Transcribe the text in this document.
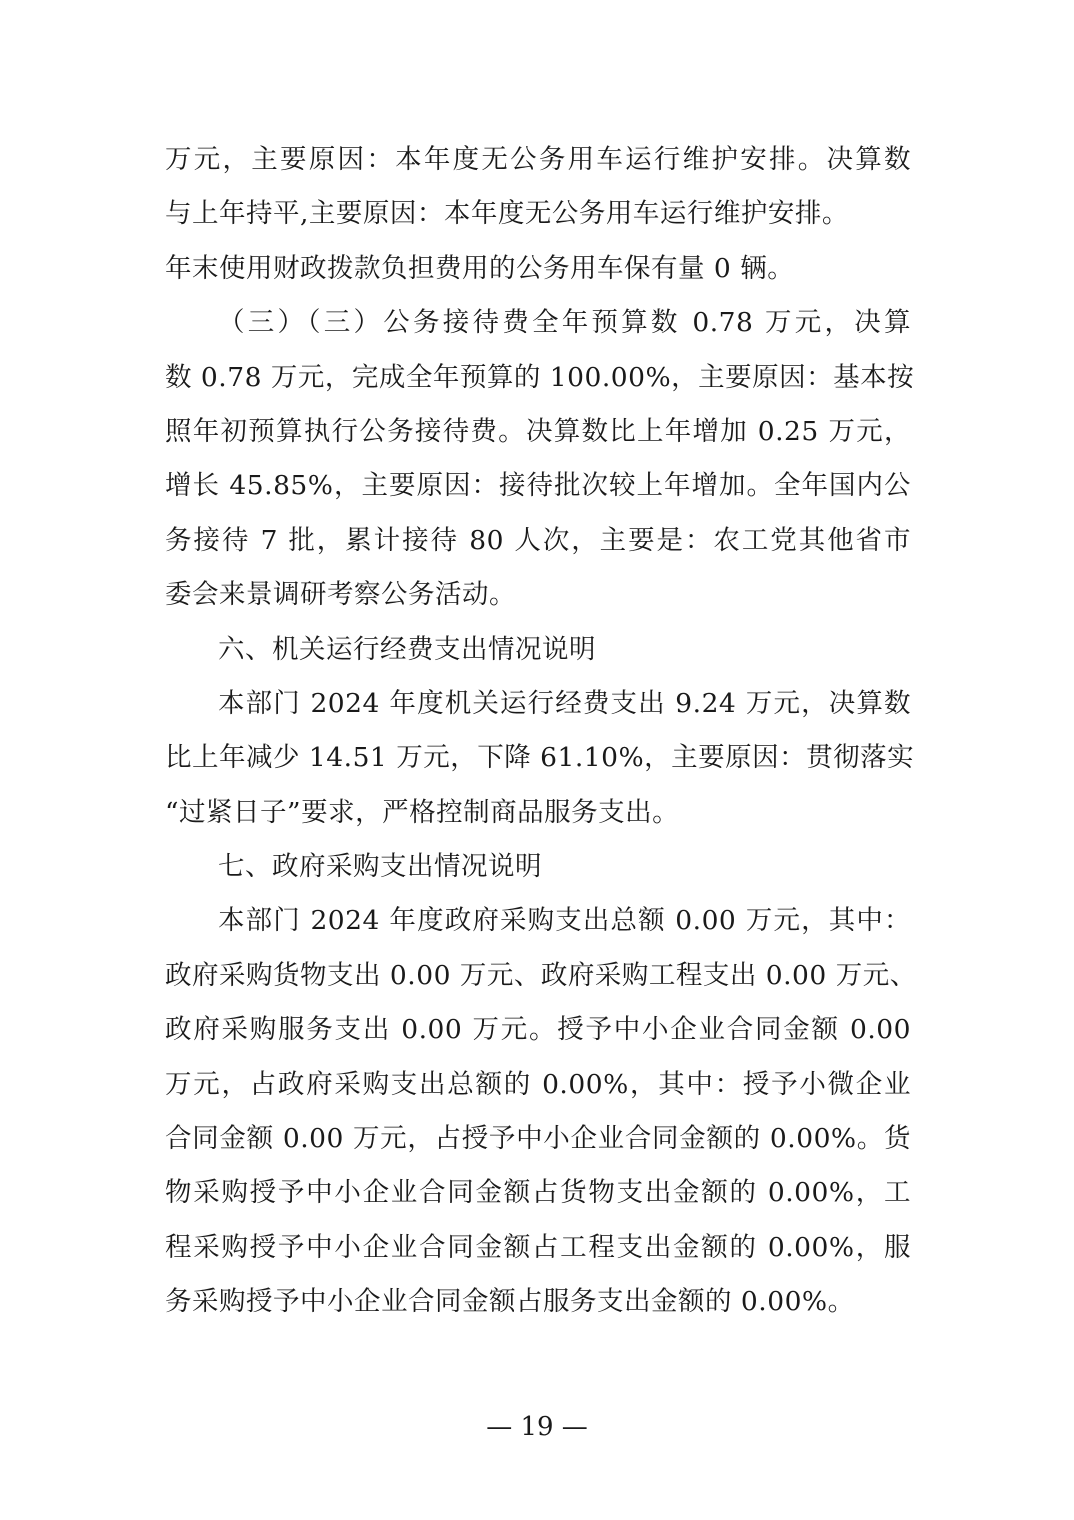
万元，主要原因：本年度无公务用车运行维护安排。决算数
与上年持平,主要原因：本年度无公务用车运行维护安排。
年末使用财政拨款负担费用的公务用车保有量 0 辆。
（三）（三）公务接待费全年预算数 0.78 万元，决算
数 0.78 万元，完成全年预算的 100.00%，主要原因：基本按
照年初预算执行公务接待费。决算数比上年增加 0.25 万元，
增长 45.85%，主要原因：接待批次较上年增加。全年国内公
务接待 7 批，累计接待 80 人次，主要是：农工党其他省市
委会来景调研考察公务活动。
六、机关运行经费支出情况说明
本部门 2024 年度机关运行经费支出 9.24 万元，决算数
比上年减少 14.51 万元，下降 61.10%，主要原因：贯彻落实
“过紧日子”要求，严格控制商品服务支出。
七、政府采购支出情况说明
本部门 2024 年度政府采购支出总额 0.00 万元，其中：
政府采购货物支出 0.00 万元、政府采购工程支出 0.00 万元、
政府采购服务支出 0.00 万元。授予中小企业合同金额 0.00
万元，占政府采购支出总额的 0.00%，其中：授予小微企业
合同金额 0.00 万元，占授予中小企业合同金额的 0.00%。货
物采购授予中小企业合同金额占货物支出金额的 0.00%，工
程采购授予中小企业合同金额占工程支出金额的 0.00%，服
务采购授予中小企业合同金额占服务支出金额的 0.00%。
— 19 —
